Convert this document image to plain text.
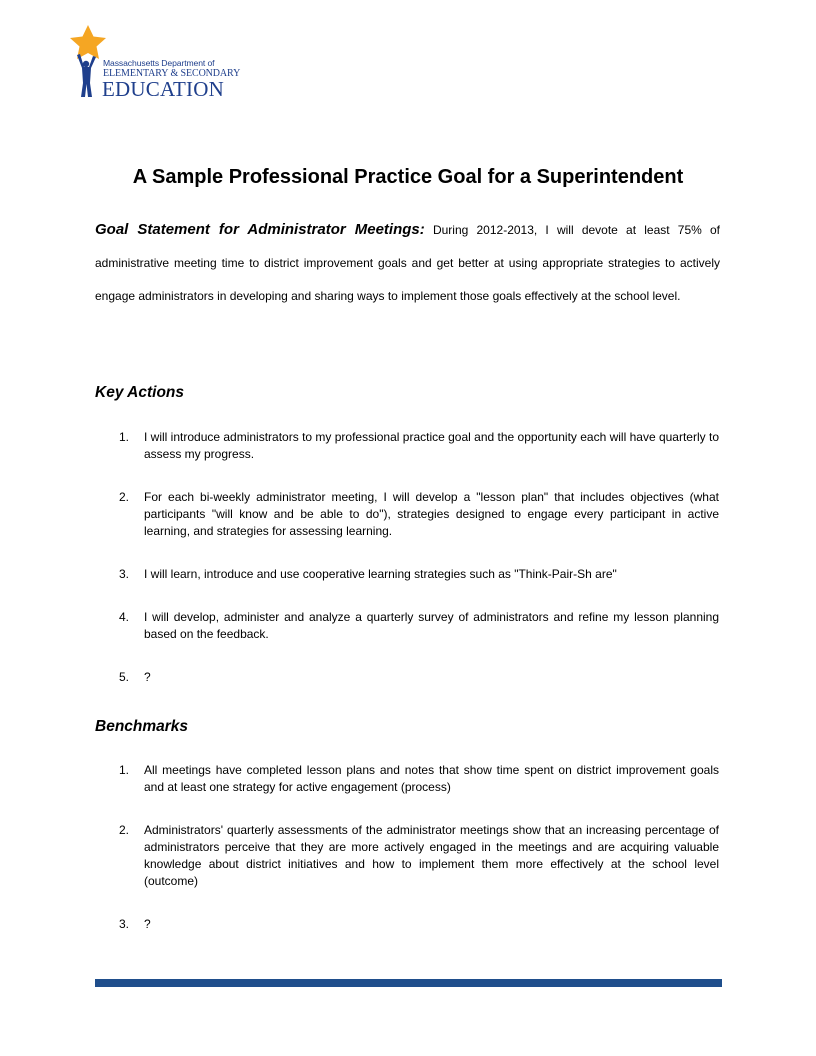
Massachusetts Department of
ELEMENTARY & SECONDARY
EDUCATION
A Sample Professional Practice Goal for a Superintendent
Goal Statement for Administrator Meetings: During 2012-2013, I will devote at least 75% of administrative meeting time to district improvement goals and get better at using appropriate strategies to actively engage administrators in developing and sharing ways to implement those goals effectively at the school level.
Key Actions
1. I will introduce administrators to my professional practice goal and the opportunity each will have quarterly to assess my progress.
2. For each bi-weekly administrator meeting, I will develop a "lesson plan" that includes objectives (what participants "will know and be able to do"), strategies designed to engage every participant in active learning, and strategies for assessing learning.
3. I will learn, introduce and use cooperative learning strategies such as "Think-Pair-Sh are"
4. I will develop, administer and analyze a quarterly survey of administrators and refine my lesson planning based on the feedback.
5. ?
Benchmarks
1. All meetings have completed lesson plans and notes that show time spent on district improvement goals and at least one strategy for active engagement (process)
2. Administrators' quarterly assessments of the administrator meetings show that an increasing percentage of administrators perceive that they are more actively engaged in the meetings and are acquiring valuable knowledge about district initiatives and how to implement them more effectively at the school level (outcome)
3. ?
